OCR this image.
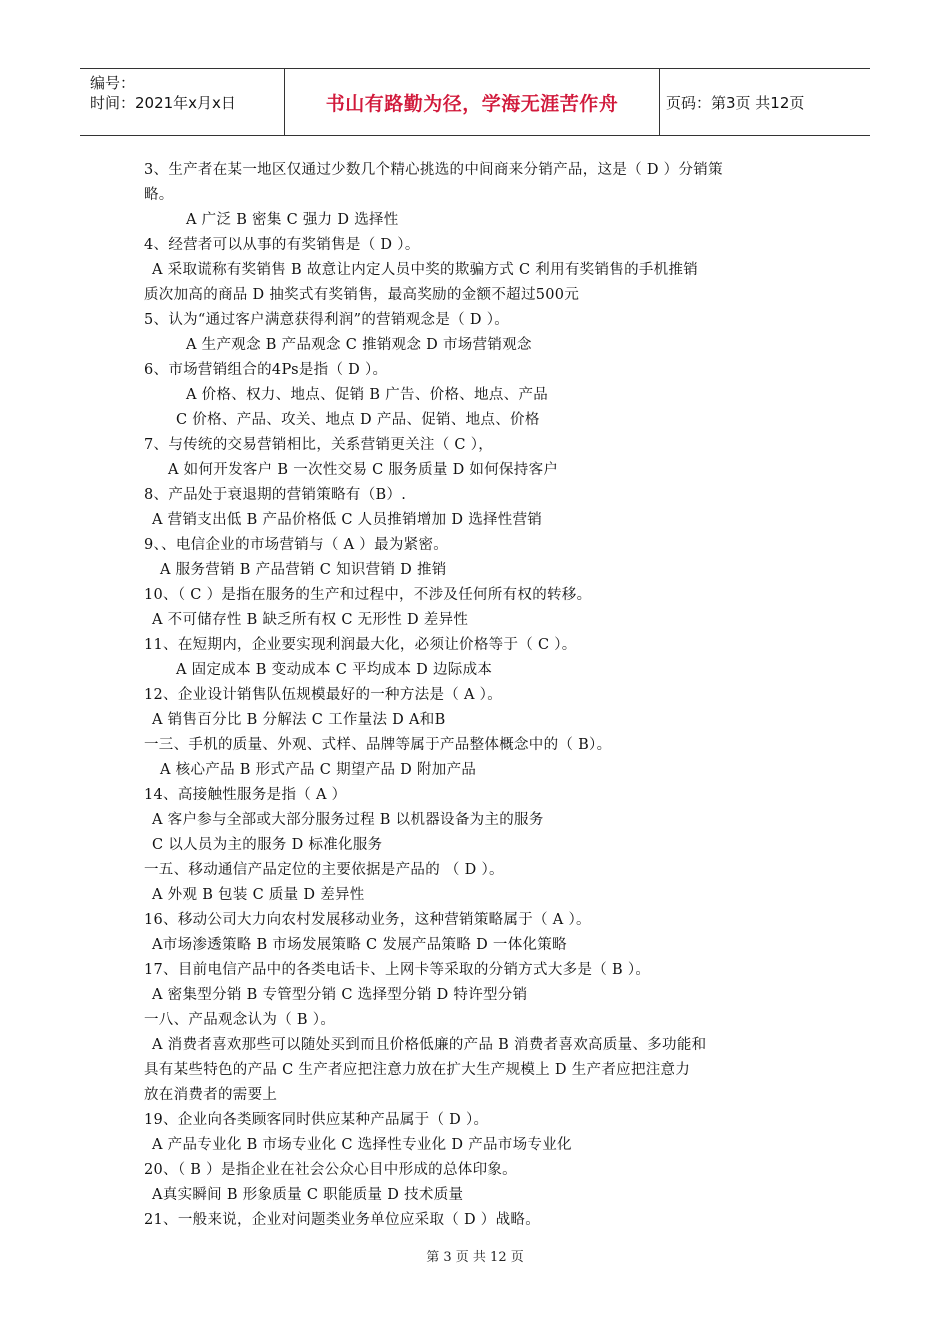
编号：
时间：2021年x月x日	书山有路勤为径，学海无涯苦作舟	页码：第3页 共12页
3、生产者在某一地区仅通过少数几个精心挑选的中间商来分销产品，这是（ D ）分销策
略。
A 广泛 B 密集 C 强力 D 选择性
4、经营者可以从事的有奖销售是（ D ）。
A 采取谎称有奖销售 B 故意让内定人员中奖的欺骗方式 C 利用有奖销售的手机推销
质次加高的商品 D 抽奖式有奖销售，最高奖励的金额不超过500元
5、认为“通过客户满意获得利润”的营销观念是（ D ）。
A 生产观念 B 产品观念 C 推销观念 D 市场营销观念
6、市场营销组合的4Ps是指（ D ）。
A 价格、权力、地点、促销 B 广告、价格、地点、产品
C 价格、产品、攻关、地点 D 产品、促销、地点、价格
7、与传统的交易营销相比，关系营销更关注（ C ），
A 如何开发客户 B 一次性交易 C 服务质量 D 如何保持客户
8、产品处于衰退期的营销策略有（B）.
A 营销支出低 B 产品价格低 C 人员推销增加 D 选择性营销
9、、电信企业的市场营销与（ A ）最为紧密。
A 服务营销 B 产品营销 C 知识营销 D 推销
10、（ C ）是指在服务的生产和过程中，不涉及任何所有权的转移。
A 不可储存性 B 缺乏所有权 C 无形性 D 差异性
11、在短期内，企业要实现利润最大化，必须让价格等于（ C ）。
A 固定成本 B 变动成本 C 平均成本 D 边际成本
12、企业设计销售队伍规模最好的一种方法是（ A ）。
A 销售百分比 B 分解法 C 工作量法 D A和B
一三、手机的质量、外观、式样、品牌等属于产品整体概念中的（ B）。
A 核心产品 B 形式产品 C 期望产品 D 附加产品
14、高接触性服务是指（ A ）
A 客户参与全部或大部分服务过程 B 以机器设备为主的服务
C 以人员为主的服务 D 标准化服务
一五、移动通信产品定位的主要依据是产品的 （ D ）。
A 外观 B 包装 C 质量 D 差异性
16、移动公司大力向农村发展移动业务，这种营销策略属于（ A ）。
A市场渗透策略 B 市场发展策略 C 发展产品策略 D 一体化策略
17、目前电信产品中的各类电话卡、上网卡等采取的分销方式大多是（ B ）。
A 密集型分销 B 专管型分销 C 选择型分销 D 特许型分销
一八、产品观念认为（ B ）。
A 消费者喜欢那些可以随处买到而且价格低廉的产品 B 消费者喜欢高质量、多功能和
具有某些特色的产品 C 生产者应把注意力放在扩大生产规模上 D 生产者应把注意力
放在消费者的需要上
19、企业向各类顾客同时供应某种产品属于（ D ）。
A 产品专业化 B 市场专业化 C 选择性专业化 D 产品市场专业化
20、（ B ）是指企业在社会公众心目中形成的总体印象。
A真实瞬间 B 形象质量 C 职能质量 D 技术质量
21、一般来说，企业对问题类业务单位应采取（ D ）战略。
第 3 页 共 12 页
